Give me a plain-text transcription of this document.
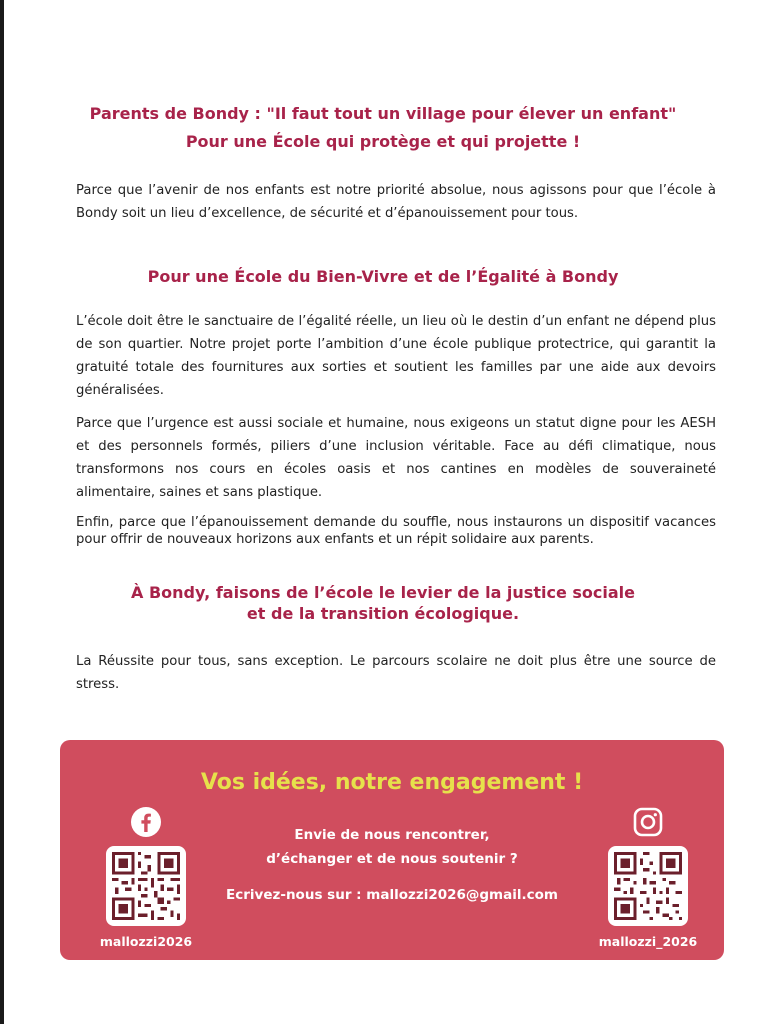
Parents de Bondy : "Il faut tout un village pour élever un enfant"
Pour une École qui protège et qui projette !

Parce que l’avenir de nos enfants est notre priorité absolue, nous agissons pour que l’école à Bondy soit un lieu d’excellence, de sécurité et d’épanouissement pour tous.

Pour une École du Bien-Vivre et de l’Égalité à Bondy

L’école doit être le sanctuaire de l’égalité réelle, un lieu où le destin d’un enfant ne dépend plus de son quartier. Notre projet porte l’ambition d’une école publique protectrice, qui garantit la gratuité totale des fournitures aux sorties et soutient les familles par une aide aux devoirs généralisées.

Parce que l’urgence est aussi sociale et humaine, nous exigeons un statut digne pour les AESH et des personnels formés, piliers d’une inclusion véritable. Face au défi climatique, nous transformons nos cours en écoles oasis et nos cantines en modèles de souveraineté alimentaire, saines et sans plastique.

Enfin, parce que l’épanouissement demande du souffle, nous instaurons un dispositif vacances pour offrir de nouveaux horizons aux enfants et un répit solidaire aux parents.

À Bondy, faisons de l’école le levier de la justice sociale
et de la transition écologique.

La Réussite pour tous, sans exception. Le parcours scolaire ne doit plus être une source de stress.

Vos idées, notre engagement !

Envie de nous rencontrer,

d’échanger et de nous soutenir ?

Ecrivez-nous sur : mallozzi2026@gmail.com

mallozzi2026	mallozzi_2026
